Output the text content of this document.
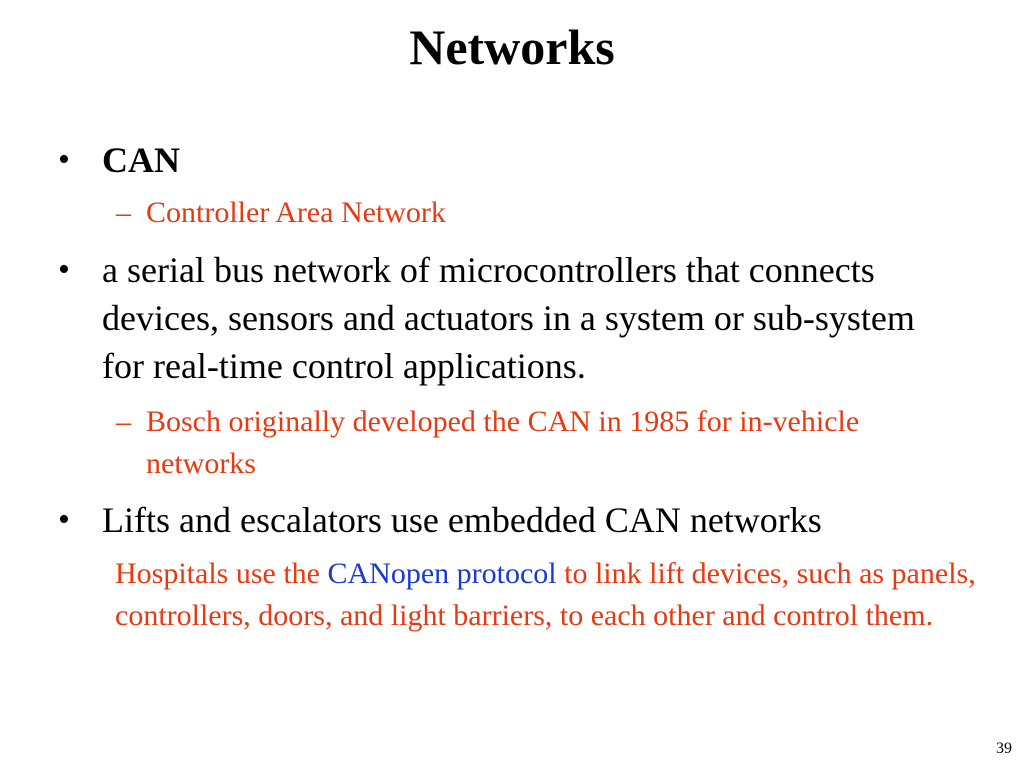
Networks
• CAN
– Controller Area Network
• a serial bus network of microcontrollers that connects devices, sensors and actuators in a system or sub-system for real-time control applications.
– Bosch originally developed the CAN in 1985 for in-vehicle networks
• Lifts and escalators use embedded CAN networks
Hospitals use the CANopen protocol to link lift devices, such as panels, controllers, doors, and light barriers, to each other and control them.
39
